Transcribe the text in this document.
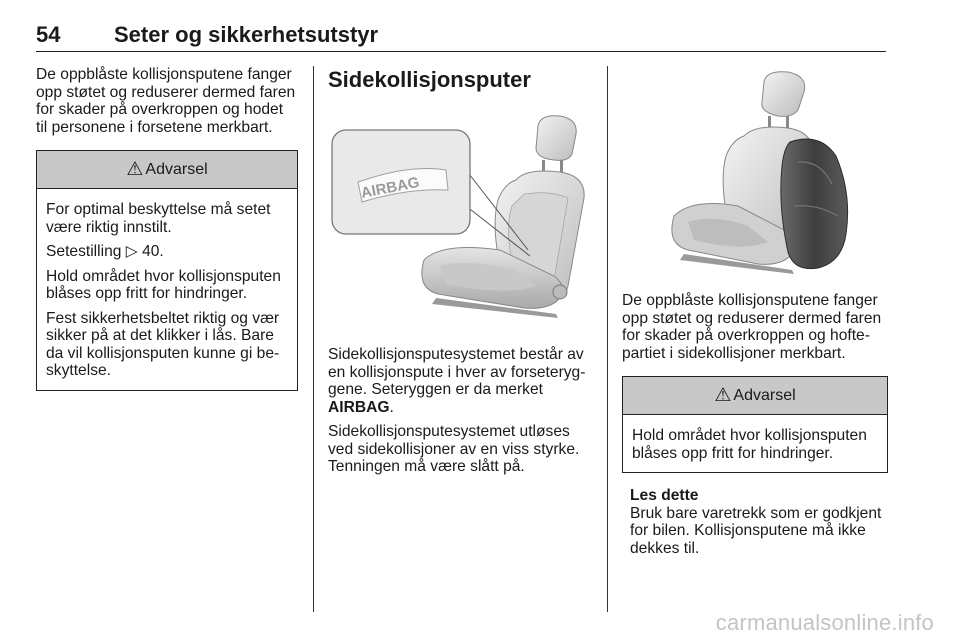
54 Seter og sikkerhetsutstyr

De oppblåste kollisjonsputene fanger opp støtet og reduserer dermed faren for skader på overkroppen og hodet til personene i forsetene merkbart.

⚠ Advarsel

For optimal beskyttelse må setet være riktig innstilt.

Setestilling ▷ 40.

Hold området hvor kollisjonsputen blåses opp fritt for hindringer.

Fest sikkerhetsbeltet riktig og vær sikker på at det klikker i lås. Bare da vil kollisjonsputen kunne gi beskyttelse.

Sidekollisjonsputer
AIRBAG

Sidekollisjonsputesystemet består av en kollisjonspute i hver av forseteryggene. Seteryggen er da merket AIRBAG.

Sidekollisjonsputesystemet utløses ved sidekollisjoner av en viss styrke. Tenningen må være slått på.

De oppblåste kollisjonsputene fanger opp støtet og reduserer dermed faren for skader på overkroppen og hoftepartiet i sidekollisjoner merkbart.

⚠ Advarsel

Hold området hvor kollisjonsputen blåses opp fritt for hindringer.

Les dette

Bruk bare varetrekk som er godkjent for bilen. Kollisjonsputene må ikke dekkes til.

carmanualsonline.info
